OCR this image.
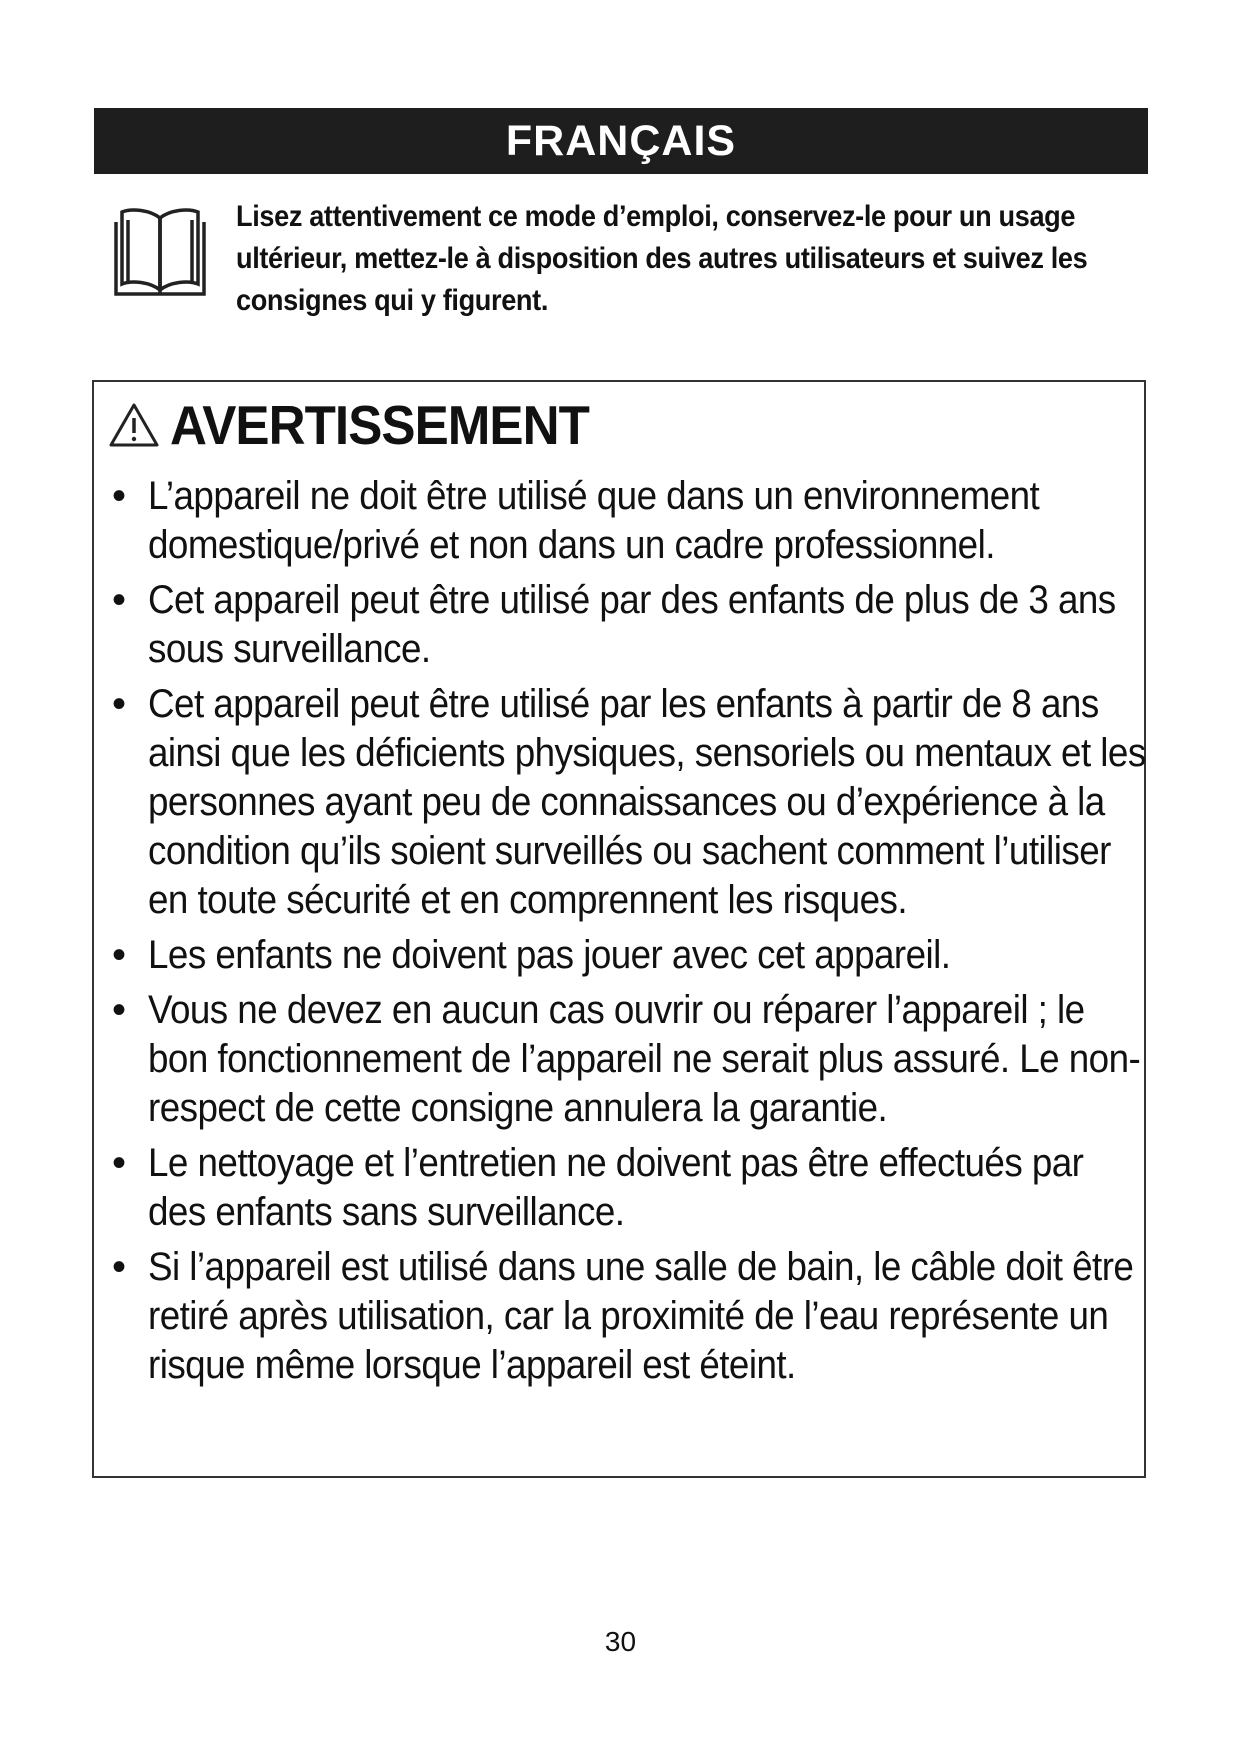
FRANÇAIS
Lisez attentivement ce mode d’emploi, conservez-le pour un usage ultérieur, mettez-le à disposition des autres utilisateurs et suivez les consignes qui y figurent.
AVERTISSEMENT
• L’appareil ne doit être utilisé que dans un environnement domestique/privé et non dans un cadre professionnel.
• Cet appareil peut être utilisé par des enfants de plus de 3 ans sous surveillance.
• Cet appareil peut être utilisé par les enfants à partir de 8 ans ainsi que les déficients physiques, sensoriels ou mentaux et les personnes ayant peu de connaissances ou d’expérience à la condition qu’ils soient surveillés ou sachent comment l’utiliser en toute sécurité et en comprennent les risques.
• Les enfants ne doivent pas jouer avec cet appareil.
• Vous ne devez en aucun cas ouvrir ou réparer l’appareil ; le bon fonctionnement de l’appareil ne serait plus assuré. Le non-respect de cette consigne annulera la garantie.
• Le nettoyage et l’entretien ne doivent pas être effectués par des enfants sans surveillance.
• Si l’appareil est utilisé dans une salle de bain, le câble doit être retiré après utilisation, car la proximité de l’eau représente un risque même lorsque l’appareil est éteint.
30
